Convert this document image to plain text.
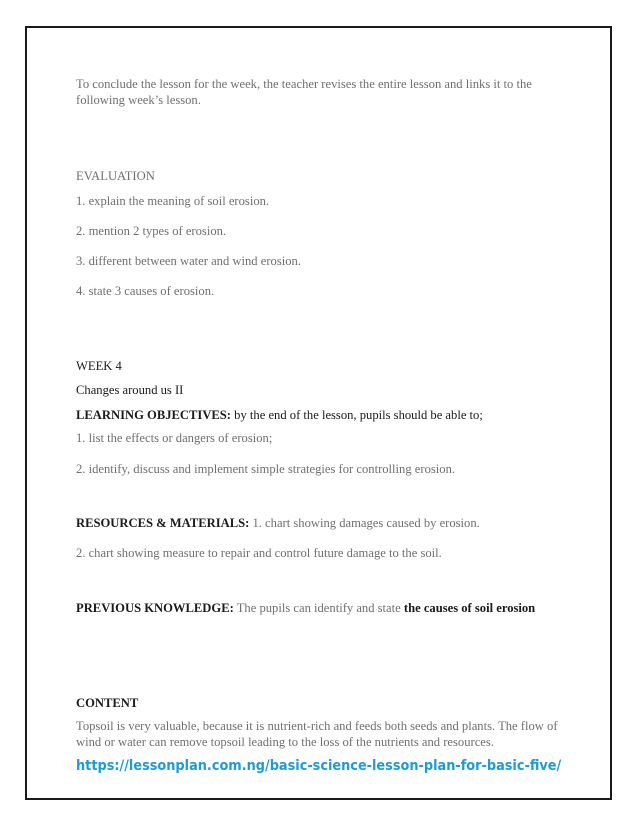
To conclude the lesson for the week, the teacher revises the entire lesson and links it to the
following week’s lesson.
EVALUATION
1. explain the meaning of soil erosion.
2. mention 2 types of erosion.
3. different between water and wind erosion.
4. state 3 causes of erosion.
WEEK 4
Changes around us II
LEARNING OBJECTIVES: by the end of the lesson, pupils should be able to;
1. list the effects or dangers of erosion;
2. identify, discuss and implement simple strategies for controlling erosion.
RESOURCES & MATERIALS: 1. chart showing damages caused by erosion.
2. chart showing measure to repair and control future damage to the soil.
PREVIOUS KNOWLEDGE: The pupils can identify and state the causes of soil erosion
CONTENT
Topsoil is very valuable, because it is nutrient-rich and feeds both seeds and plants. The flow of
wind or water can remove topsoil leading to the loss of the nutrients and resources.
https://lessonplan.com.ng/basic-science-lesson-plan-for-basic-five/
